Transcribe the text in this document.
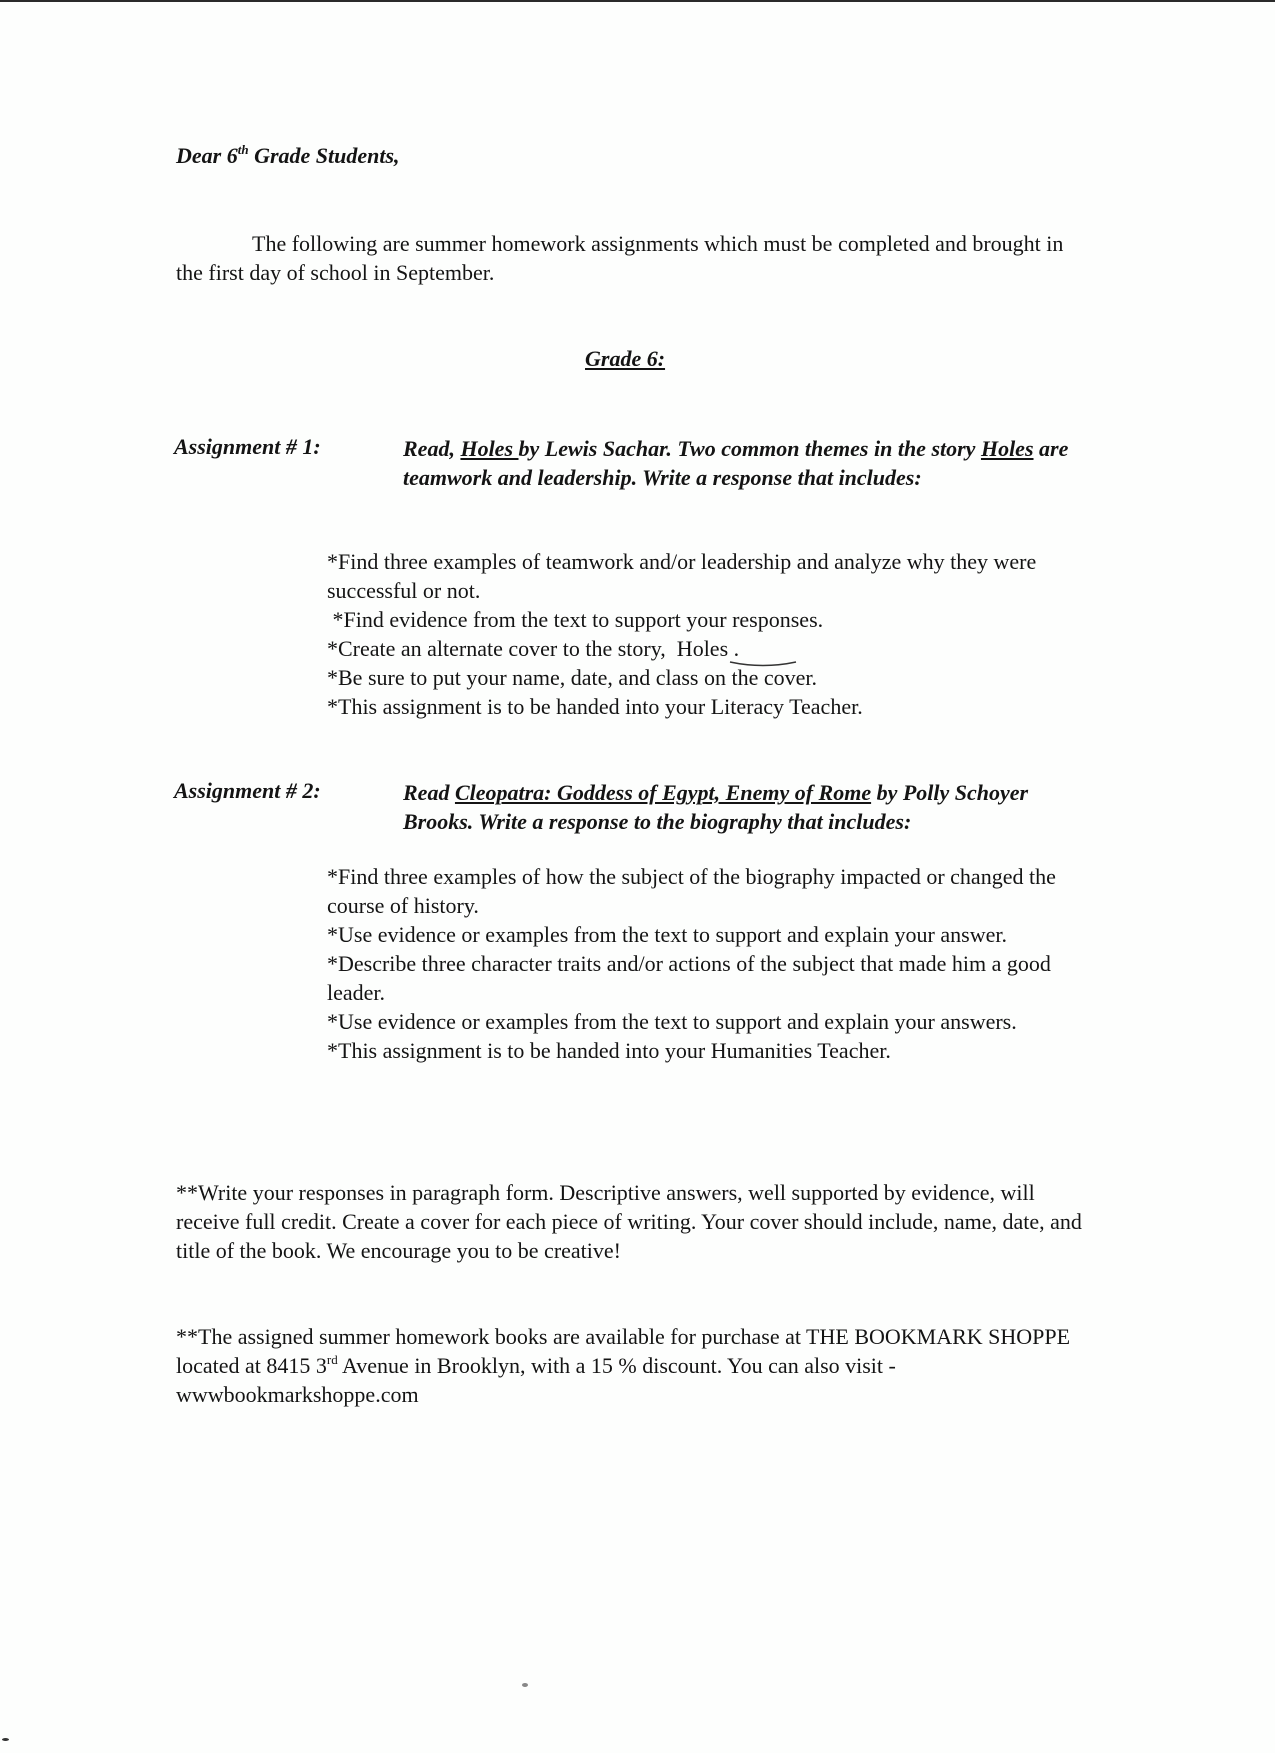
Dear 6th Grade Students,
The following are summer homework assignments which must be completed and brought in the first day of school in September.
Grade 6:
Assignment # 1:	Read, Holes by Lewis Sachar. Two common themes in the story Holes are teamwork and leadership. Write a response that includes:
*Find three examples of teamwork and/or leadership and analyze why they were successful or not.
*Find evidence from the text to support your responses.
*Create an alternate cover to the story,  Holes .
*Be sure to put your name, date, and class on the cover.
*This assignment is to be handed into your Literacy Teacher.
Assignment # 2:	Read Cleopatra: Goddess of Egypt, Enemy of Rome by Polly Schoyer Brooks. Write a response to the biography that includes:
*Find three examples of how the subject of the biography impacted or changed the course of history.
*Use evidence or examples from the text to support and explain your answer.
*Describe three character traits and/or actions of the subject that made him a good leader.
*Use evidence or examples from the text to support and explain your answers.
*This assignment is to be handed into your Humanities Teacher.
**Write your responses in paragraph form. Descriptive answers, well supported by evidence, will receive full credit. Create a cover for each piece of writing. Your cover should include, name, date, and title of the book. We encourage you to be creative!
**The assigned summer homework books are available for purchase at THE BOOKMARK SHOPPE located at 8415 3rd Avenue in Brooklyn, with a 15 % discount. You can also visit - wwwbookmarkshoppe.com
